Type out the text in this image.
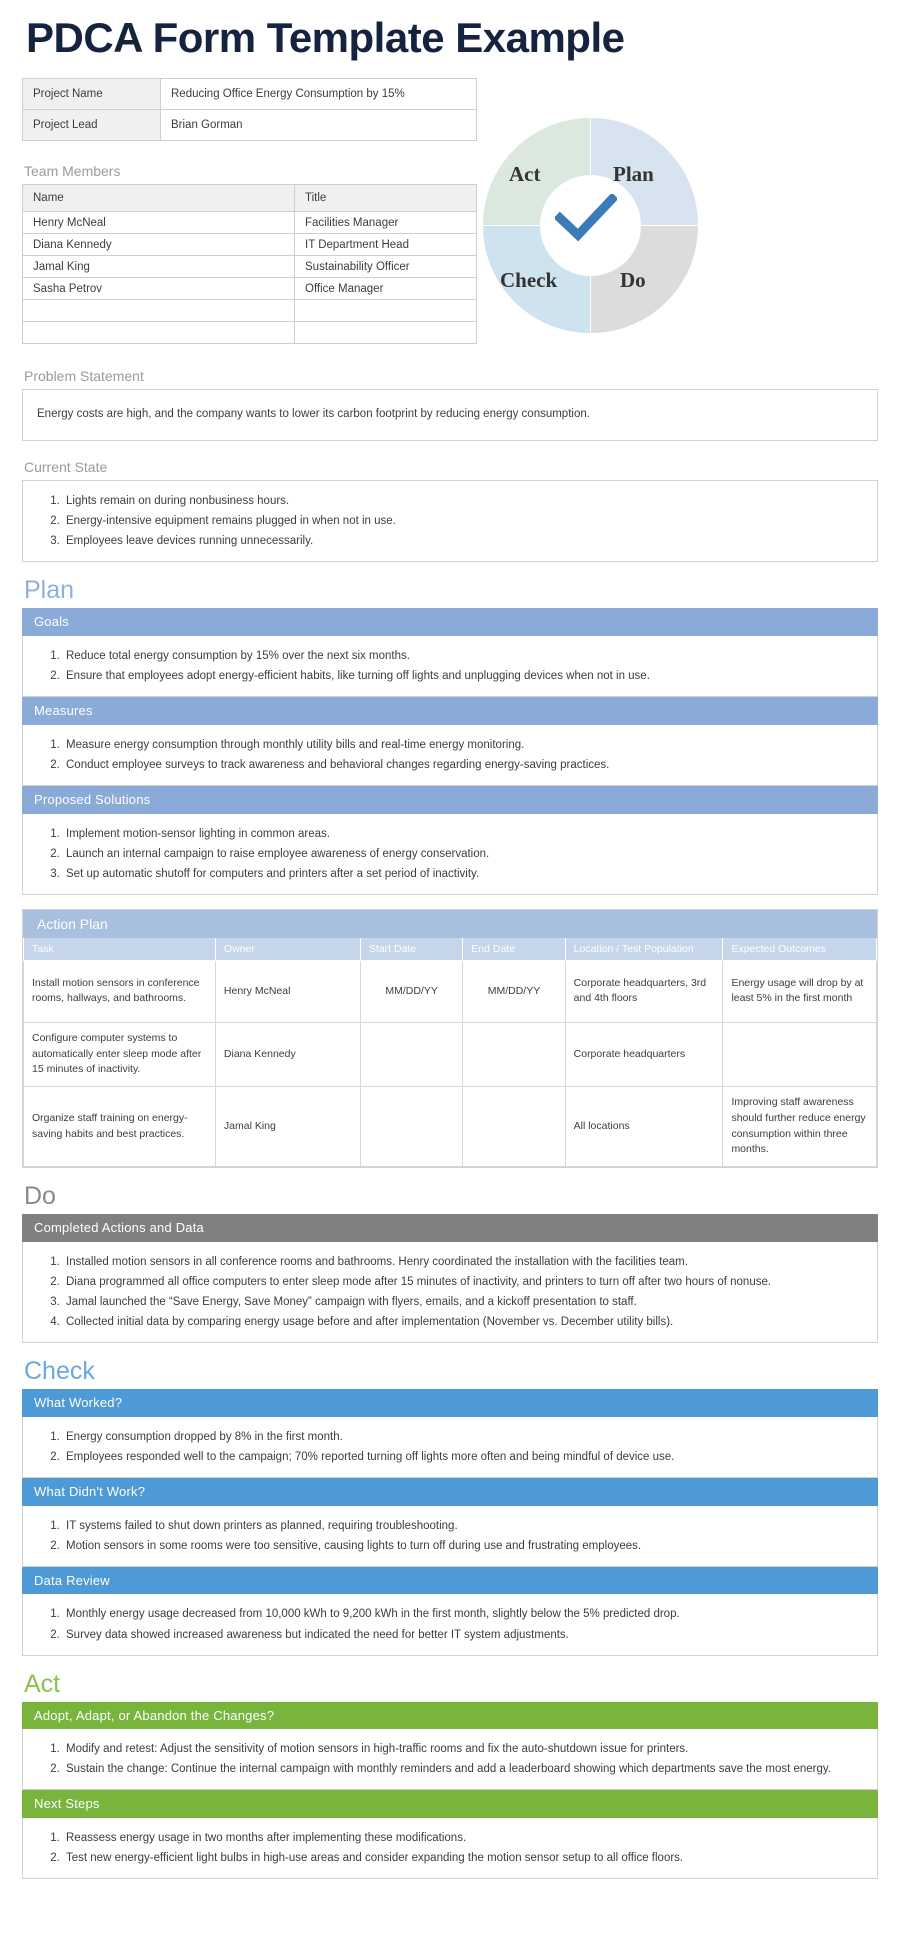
PDCA Form Template Example
Project Name	Reducing Office Energy Consumption by 15%
Project Lead	Brian Gorman
Act	Plan
Check	Do
Team Members
Name	Title
Henry McNeal	Facilities Manager
Diana Kennedy	IT Department Head
Jamal King	Sustainability Officer
Sasha Petrov	Office Manager

Problem Statement
Energy costs are high, and the company wants to lower its carbon footprint by reducing energy consumption.
Current State
1. Lights remain on during nonbusiness hours.
2. Energy-intensive equipment remains plugged in when not in use.
3. Employees leave devices running unnecessarily.
Plan
Goals
1. Reduce total energy consumption by 15% over the next six months.
2. Ensure that employees adopt energy-efficient habits, like turning off lights and unplugging devices when not in use.
Measures
1. Measure energy consumption through monthly utility bills and real-time energy monitoring.
2. Conduct employee surveys to track awareness and behavioral changes regarding energy-saving practices.
Proposed Solutions
1. Implement motion-sensor lighting in common areas.
2. Launch an internal campaign to raise employee awareness of energy conservation.
3. Set up automatic shutoff for computers and printers after a set period of inactivity.
Action Plan
Task	Owner	Start Date	End Date	Location / Test Population	Expected Outcomes
Install motion sensors in conference rooms, hallways, and bathrooms.	Henry McNeal	MM/DD/YY	MM/DD/YY	Corporate headquarters, 3rd and 4th floors	Energy usage will drop by at least 5% in the first month
Configure computer systems to automatically enter sleep mode after 15 minutes of inactivity.	Diana Kennedy			Corporate headquarters	
Organize staff training on energy-saving habits and best practices.	Jamal King			All locations	Improving staff awareness should further reduce energy consumption within three months.
Do
Completed Actions and Data
1. Installed motion sensors in all conference rooms and bathrooms. Henry coordinated the installation with the facilities team.
2. Diana programmed all office computers to enter sleep mode after 15 minutes of inactivity, and printers to turn off after two hours of nonuse.
3. Jamal launched the “Save Energy, Save Money” campaign with flyers, emails, and a kickoff presentation to staff.
4. Collected initial data by comparing energy usage before and after implementation (November vs. December utility bills).
Check
What Worked?
1. Energy consumption dropped by 8% in the first month.
2. Employees responded well to the campaign; 70% reported turning off lights more often and being mindful of device use.
What Didn't Work?
1. IT systems failed to shut down printers as planned, requiring troubleshooting.
2. Motion sensors in some rooms were too sensitive, causing lights to turn off during use and frustrating employees.
Data Review
1. Monthly energy usage decreased from 10,000 kWh to 9,200 kWh in the first month, slightly below the 5% predicted drop.
2. Survey data showed increased awareness but indicated the need for better IT system adjustments.
Act
Adopt, Adapt, or Abandon the Changes?
1. Modify and retest: Adjust the sensitivity of motion sensors in high-traffic rooms and fix the auto-shutdown issue for printers.
2. Sustain the change: Continue the internal campaign with monthly reminders and add a leaderboard showing which departments save the most energy.
Next Steps
1. Reassess energy usage in two months after implementing these modifications.
2. Test new energy-efficient light bulbs in high-use areas and consider expanding the motion sensor setup to all office floors.
